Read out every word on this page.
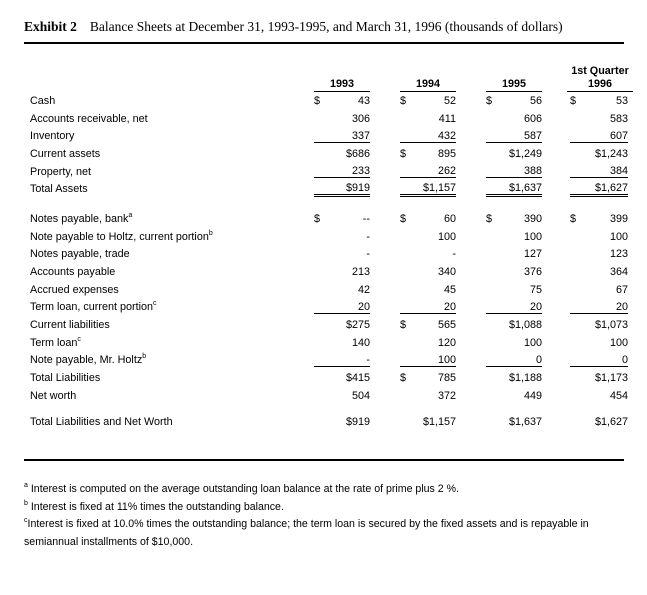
Exhibit 2 Balance Sheets at December 31, 1993-1995, and March 31, 1996 (thousands of dollars)
	1993	1994	1995	1st Quarter
1996
Cash	$ 43	$ 52	$ 56	$ 53
Accounts receivable, net	306	411	606	583
Inventory	337	432	587	607
Current assets	$686	$ 895	$1,249	$1,243
Property, net	233	262	388	384
Total Assets	$919	$1,157	$1,637	$1,627

Notes payable, bank$^a$	$ --	$ 60	$ 390	$ 399
Note payable to Holtz, current portion$^b$	-	100	100	100
Notes payable, trade	-	-	127	123
Accounts payable	213	340	376	364
Accrued expenses	42	45	75	67
Term loan, current portion$^c$	20	20	20	20
Current liabilities	$275	$ 565	$1,088	$1,073
Term loan$^c$	140	120	100	100
Note payable, Mr. Holtz$^b$	-	100	0	0
Total Liabilities	$415	$ 785	$1,188	$1,173
Net worth	504	372	449	454

Total Liabilities and Net Worth	$919	$1,157	$1,637	$1,627

$^a$ Interest is computed on the average outstanding loan balance at the rate of prime plus 2 %.

$^b$ Interest is fixed at 11% times the outstanding balance.

$^c$Interest is fixed at 10.0% times the outstanding balance; the term loan is secured by the fixed assets and is repayable in semiannual installments of $10,000.
